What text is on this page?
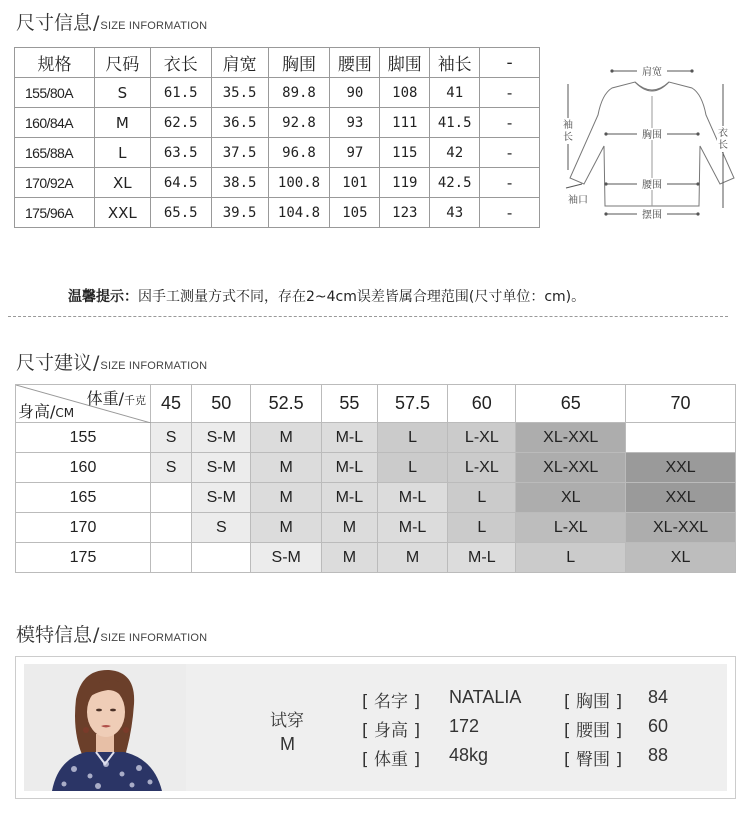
尺寸信息 / SIZE INFORMATION
规格	尺码	衣长	肩宽	胸围	腰围	脚围	袖长	-
155/80A	S	61.5	35.5	89.8	90	108	41	-
160/84A	M	62.5	36.5	92.8	93	111	41.5	-
165/88A	L	63.5	37.5	96.8	97	115	42	-
170/92A	XL	64.5	38.5	100.8	101	119	42.5	-
175/96A	XXL	65.5	39.5	104.8	105	123	43	-
肩宽
胸围
腰围
摆围
袖
长	衣
长
袖口
温馨提示：因手工测量方式不同，存在2~4cm误差皆属合理范围(尺寸单位：cm)。
尺寸建议 / SIZE INFORMATION
体重/千克
身高/CM	45	50	52.5	55	57.5	60	65	70
155	S	S-M	M	M-L	L	L-XL	XL-XXL	
160	S	S-M	M	M-L	L	L-XL	XL-XXL	XXL
165		S-M	M	M-L	M-L	L	XL	XXL
170		S	M	M	M-L	L	L-XL	XL-XXL
175			S-M	M	M	M-L	L	XL
模特信息 / SIZE INFORMATION
试穿
M
[ 名字 ] NATALIA
[ 身高 ] 172
[ 体重 ] 48kg
[ 胸围 ] 84
[ 腰围 ] 60
[ 臀围 ] 88
